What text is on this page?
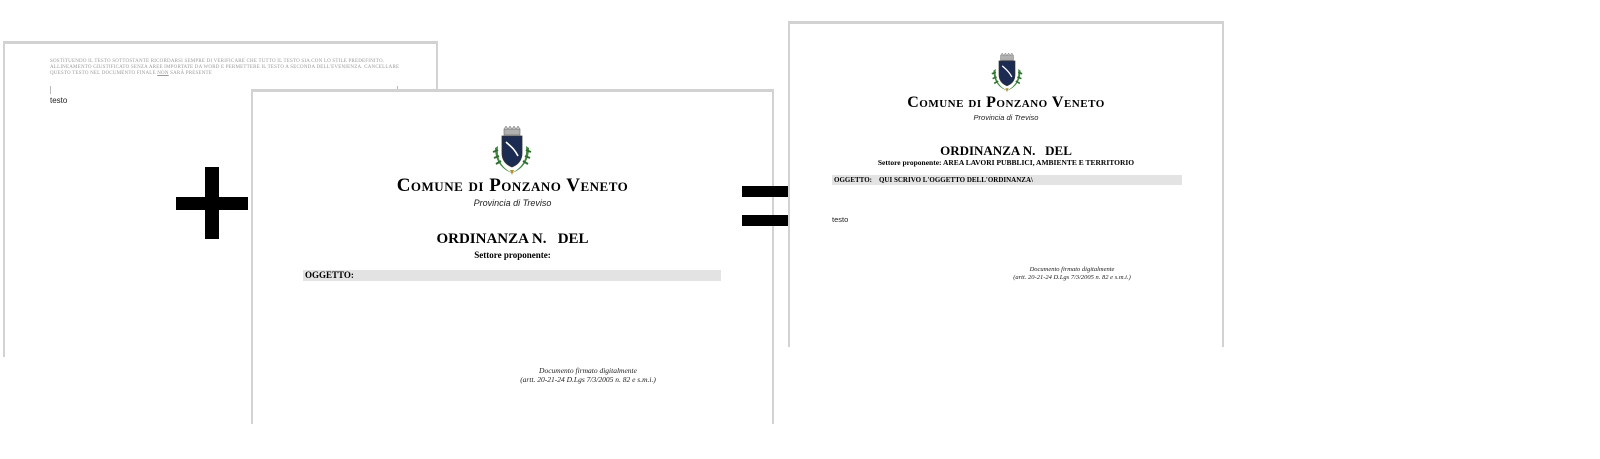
SOSTITUENDO IL TESTO SOTTOSTANTE RICORDARSI SEMPRE DI VERIFICARE CHE TUTTO IL TESTO SIA CON LO STILE PREDEFINITO. ALLINEAMENTO GIUSTIFICATO SENZA AREE IMPORTATE DA WORD E PERMETTERE IL TESTO A SECONDA DELL'EVENIENZA. CANCELLARE QUESTO TESTO NEL DOCUMENTO FINALE NON SARÀ PRESENTE
testo
Comune di Ponzano Veneto
Provincia di Treviso
ORDINANZA N.   DEL
Settore proponente:
OGGETTO:
Documento firmato digitalmente
(artt. 20-21-24 D.Lgs 7/3/2005 n. 82 e s.m.i.)
Comune di Ponzano Veneto
Provincia di Treviso
ORDINANZA N.   DEL
Settore proponente: AREA LAVORI PUBBLICI, AMBIENTE E TERRITORIO
OGGETTO:    QUI SCRIVO L'OGGETTO DELL'ORDINANZA\
testo
Documento firmato digitalmente
(artt. 20-21-24 D.Lgs 7/3/2005 n. 82 e s.m.i.)
